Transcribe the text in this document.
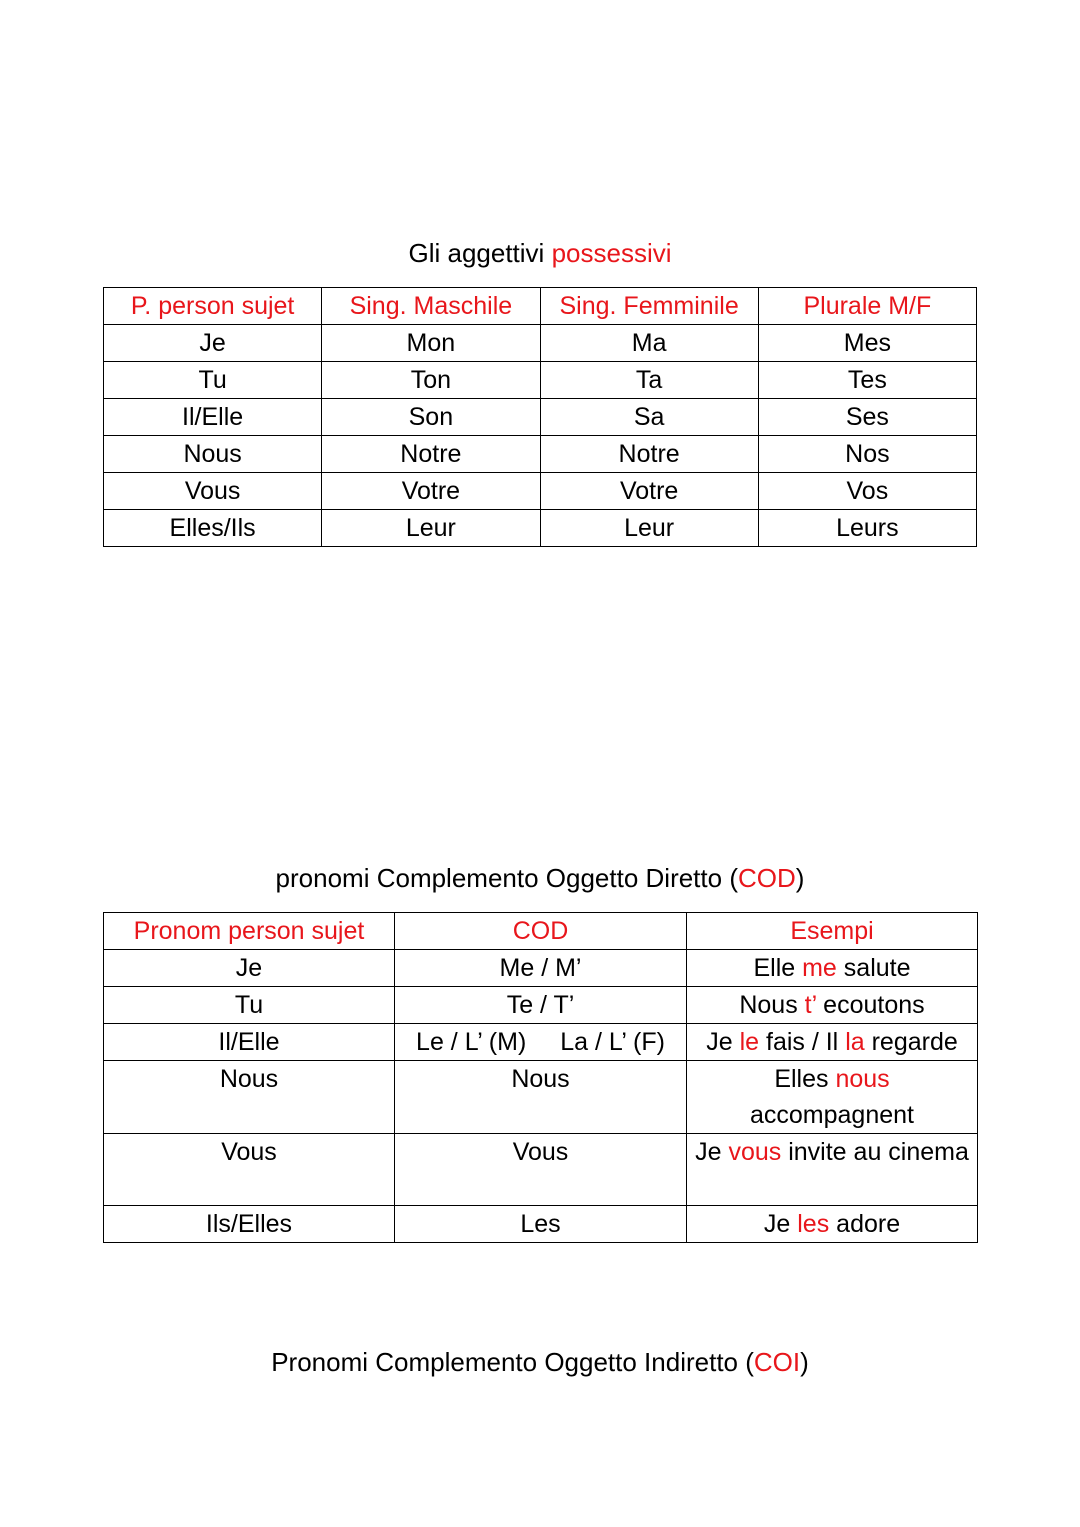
Gli aggettivi possessivi
P. person sujet	Sing. Maschile	Sing. Femminile	Plurale M/F
Je	Mon	Ma	Mes
Tu	Ton	Ta	Tes
Il/Elle	Son	Sa	Ses
Nous	Notre	Notre	Nos
Vous	Votre	Votre	Vos
Elles/Ils	Leur	Leur	Leurs
pronomi Complemento Oggetto Diretto (COD)
Pronom person sujet	COD	Esempi
Je	Me / M’	Elle me salute
Tu	Te / T’	Nous t’ ecoutons
Il/Elle	Le / L’ (M) La / L’ (F)	Je le fais / Il la regarde
Nous	Nous	Elles nous
accompagnent
Vous	Vous	Je vous invite au cinema
Ils/Elles	Les	Je les adore
Pronomi Complemento Oggetto Indiretto (COI)
